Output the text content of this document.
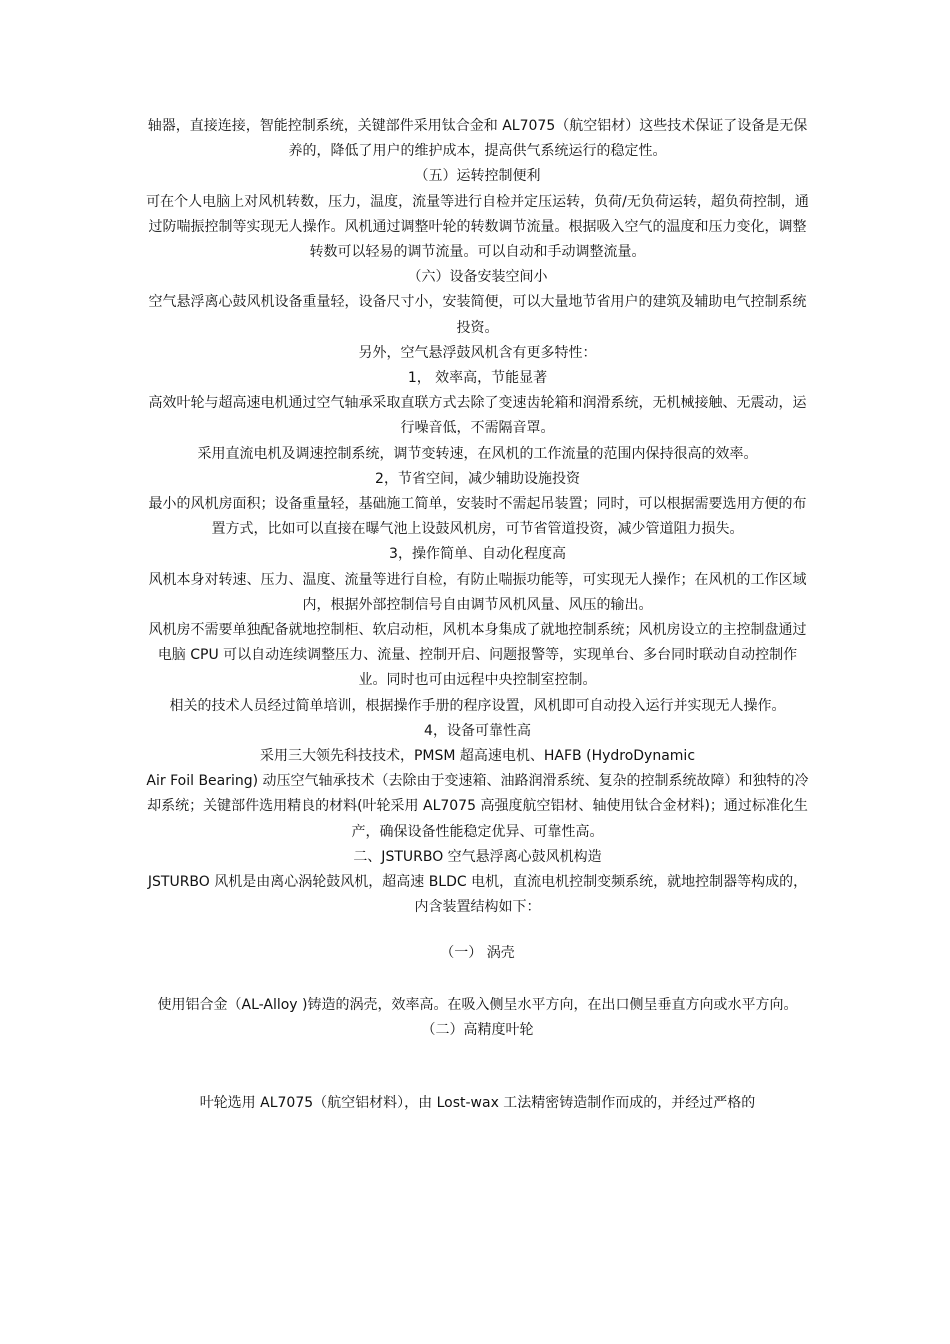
轴器，直接连接，智能控制系统，关键部件采用钛合金和 AL7075（航空铝材）这些技术保证了设备是无保养的，降低了用户的维护成本，提高供气系统运行的稳定性。

（五）运转控制便利

可在个人电脑上对风机转数，压力，温度，流量等进行自检并定压运转，负荷/无负荷运转，超负荷控制，通过防喘振控制等实现无人操作。风机通过调整叶轮的转数调节流量。根据吸入空气的温度和压力变化，调整转数可以轻易的调节流量。可以自动和手动调整流量。

（六）设备安装空间小

空气悬浮离心鼓风机设备重量轻，设备尺寸小，安装简便，可以大量地节省用户的建筑及辅助电气控制系统投资。

另外，空气悬浮鼓风机含有更多特性：

1， 效率高，节能显著

高效叶轮与超高速电机通过空气轴承采取直联方式去除了变速齿轮箱和润滑系统，无机械接触、无震动，运行噪音低，不需隔音罩。

采用直流电机及调速控制系统，调节变转速，在风机的工作流量的范围内保持很高的效率。

2，节省空间，减少辅助设施投资

最小的风机房面积；设备重量轻，基础施工简单，安装时不需起吊装置；同时，可以根据需要选用方便的布置方式，比如可以直接在曝气池上设鼓风机房，可节省管道投资，减少管道阻力损失。

3，操作简单、自动化程度高

风机本身对转速、压力、温度、流量等进行自检，有防止喘振功能等，可实现无人操作；在风机的工作区域内，根据外部控制信号自由调节风机风量、风压的输出。

风机房不需要单独配备就地控制柜、软启动柜，风机本身集成了就地控制系统；风机房设立的主控制盘通过电脑 CPU 可以自动连续调整压力、流量、控制开启、问题报警等，实现单台、多台同时联动自动控制作业。同时也可由远程中央控制室控制。

相关的技术人员经过简单培训，根据操作手册的程序设置，风机即可自动投入运行并实现无人操作。

4，设备可靠性高

采用三大领先科技技术，PMSM 超高速电机、HAFB (HydroDynamic

Air Foil Bearing) 动压空气轴承技术（去除由于变速箱、油路润滑系统、复杂的控制系统故障）和独特的冷却系统；关键部件选用精良的材料(叶轮采用 AL7075 高强度航空铝材、轴使用钛合金材料)；通过标准化生产，确保设备性能稳定优异、可靠性高。

二、JSTURBO 空气悬浮离心鼓风机构造

JSTURBO 风机是由离心涡轮鼓风机，超高速 BLDC 电机，直流电机控制变频系统，就地控制器等构成的，内含装置结构如下：

（一） 涡壳

使用铝合金（AL-Alloy )铸造的涡壳，效率高。在吸入侧呈水平方向，在出口侧呈垂直方向或水平方向。

（二）高精度叶轮

叶轮选用 AL7075（航空铝材料），由 Lost-wax 工法精密铸造制作而成的，并经过严格的
